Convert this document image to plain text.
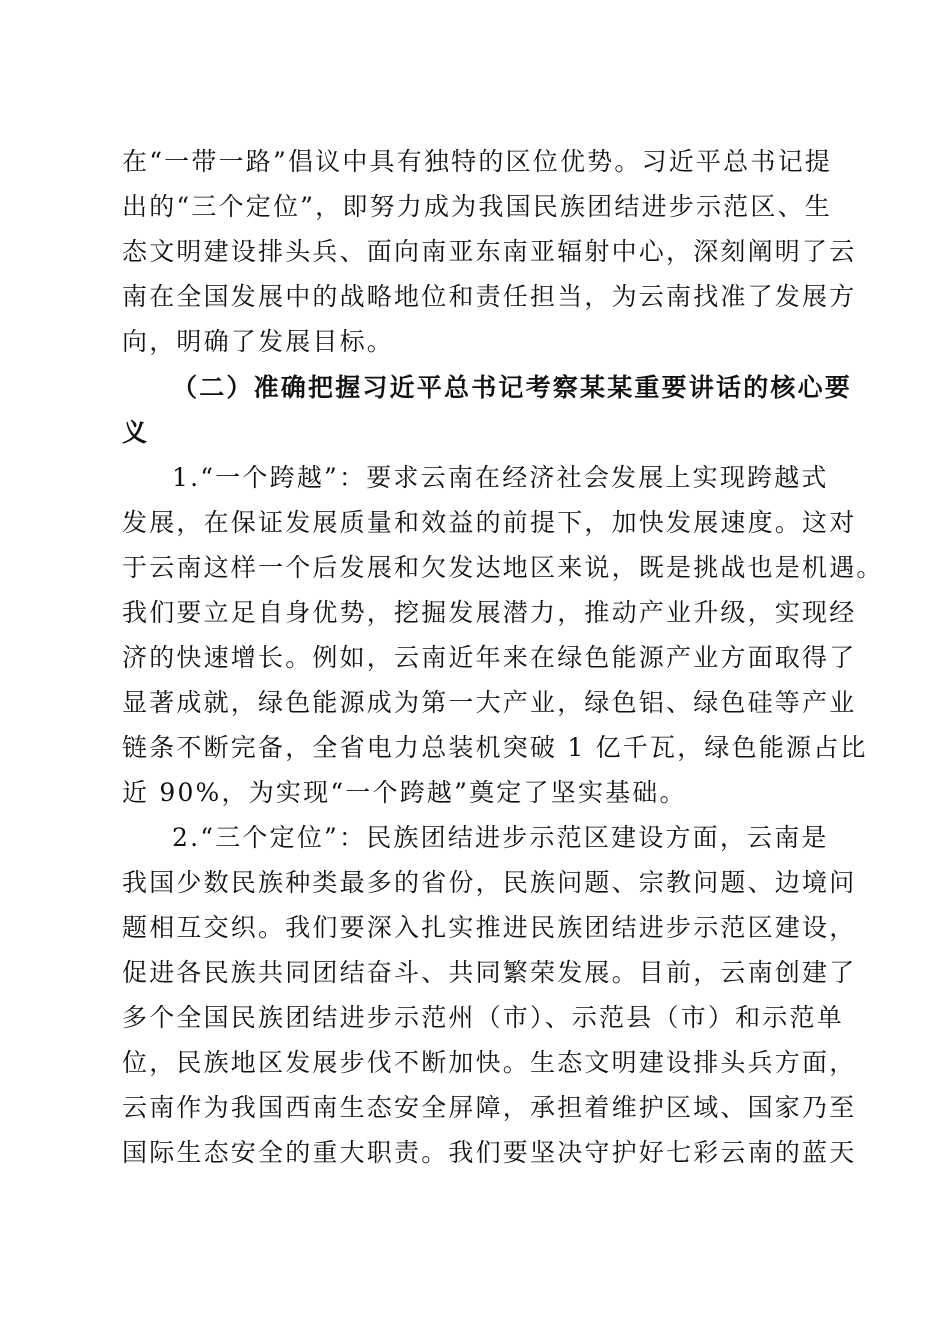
在“一带一路”倡议中具有独特的区位优势。习近平总书记提
出的“三个定位”，即努力成为我国民族团结进步示范区、生
态文明建设排头兵、面向南亚东南亚辐射中心，深刻阐明了云
南在全国发展中的战略地位和责任担当，为云南找准了发展方
向，明确了发展目标。
（二）准确把握习近平总书记考察某某重要讲话的核心要
义
1.“一个跨越”：要求云南在经济社会发展上实现跨越式
发展，在保证发展质量和效益的前提下，加快发展速度。这对
于云南这样一个后发展和欠发达地区来说，既是挑战也是机遇。
我们要立足自身优势，挖掘发展潜力，推动产业升级，实现经
济的快速增长。例如，云南近年来在绿色能源产业方面取得了
显著成就，绿色能源成为第一大产业，绿色铝、绿色硅等产业
链条不断完备，全省电力总装机突破 1 亿千瓦，绿色能源占比
近 90%，为实现“一个跨越”奠定了坚实基础。
2.“三个定位”：民族团结进步示范区建设方面，云南是
我国少数民族种类最多的省份，民族问题、宗教问题、边境问
题相互交织。我们要深入扎实推进民族团结进步示范区建设，
促进各民族共同团结奋斗、共同繁荣发展。目前，云南创建了
多个全国民族团结进步示范州（市）、示范县（市）和示范单
位，民族地区发展步伐不断加快。生态文明建设排头兵方面，
云南作为我国西南生态安全屏障，承担着维护区域、国家乃至
国际生态安全的重大职责。我们要坚决守护好七彩云南的蓝天
